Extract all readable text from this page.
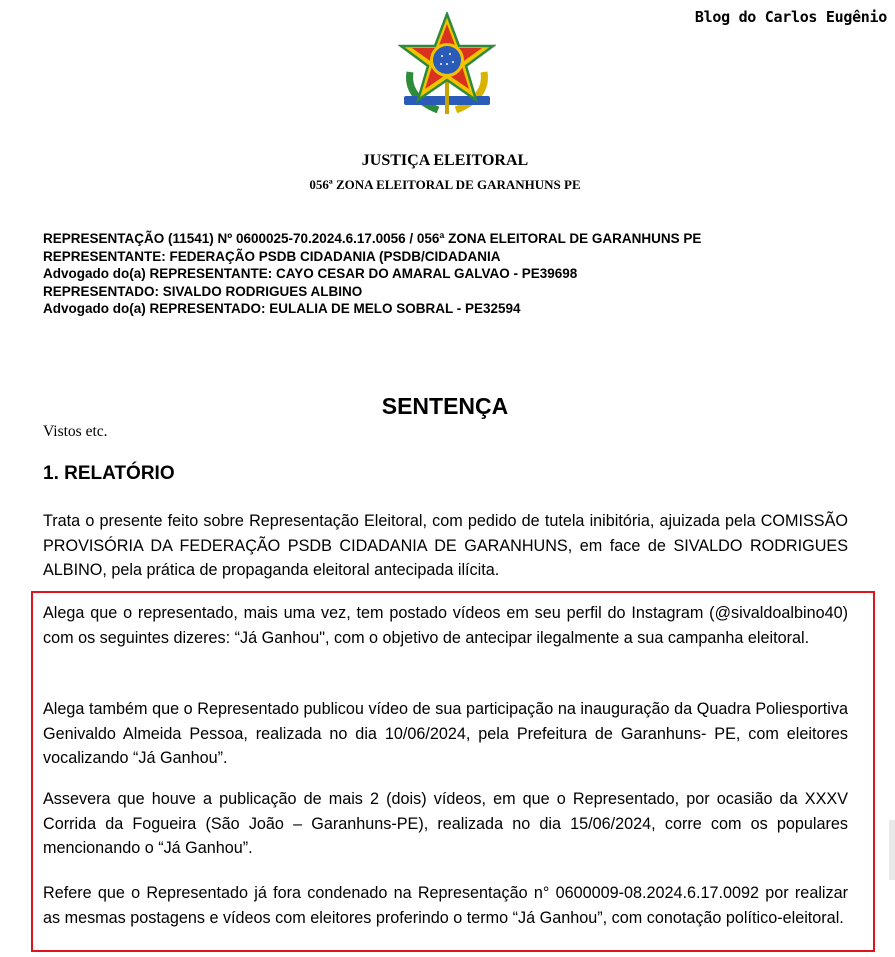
Blog do Carlos Eugênio
JUSTIÇA ELEITORAL
056ª ZONA ELEITORAL DE GARANHUNS PE
REPRESENTAÇÃO (11541) Nº 0600025-70.2024.6.17.0056 / 056ª ZONA ELEITORAL DE GARANHUNS PE
REPRESENTANTE: FEDERAÇÃO PSDB CIDADANIA (PSDB/CIDADANIA
Advogado do(a) REPRESENTANTE: CAYO CESAR DO AMARAL GALVAO - PE39698
REPRESENTADO: SIVALDO RODRIGUES ALBINO
Advogado do(a) REPRESENTADO: EULALIA DE MELO SOBRAL - PE32594
SENTENÇA
Vistos etc.
1. RELATÓRIO
Trata o presente feito sobre Representação Eleitoral, com pedido de tutela inibitória, ajuizada pela COMISSÃO PROVISÓRIA DA FEDERAÇÃO PSDB CIDADANIA DE GARANHUNS, em face de SIVALDO RODRIGUES ALBINO, pela prática de propaganda eleitoral antecipada ilícita.
Alega que o representado, mais uma vez, tem postado vídeos em seu perfil do Instagram (@sivaldoalbino40) com os seguintes dizeres: “Já Ganhou", com o objetivo de antecipar ilegalmente a sua campanha eleitoral.
Alega também que o Representado publicou vídeo de sua participação na inauguração da Quadra Poliesportiva Genivaldo Almeida Pessoa, realizada no dia 10/06/2024, pela Prefeitura de Garanhuns- PE, com eleitores vocalizando “Já Ganhou”.
Assevera que houve a publicação de mais 2 (dois) vídeos, em que o Representado, por ocasião da XXXV Corrida da Fogueira (São João – Garanhuns-PE), realizada no dia 15/06/2024, corre com os populares mencionando o “Já Ganhou”.
Refere que o Representado já fora condenado na Representação n° 0600009-08.2024.6.17.0092 por realizar as mesmas postagens e vídeos com eleitores proferindo o termo “Já Ganhou”, com conotação político-eleitoral.
